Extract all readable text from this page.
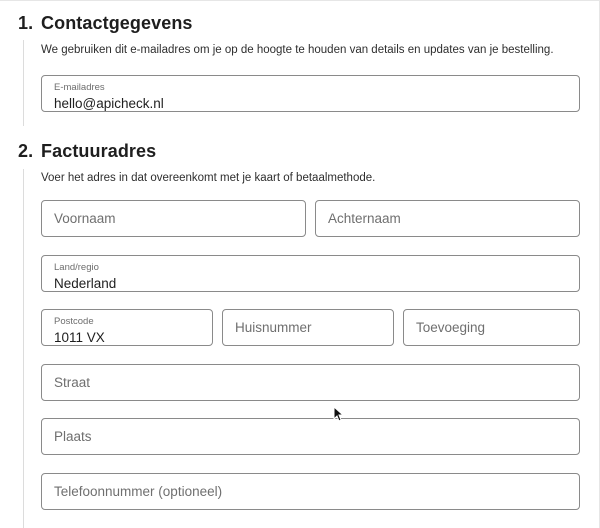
1. Contactgegevens
We gebruiken dit e-mailadres om je op de hoogte te houden van details en updates van je bestelling.
E-mailadres
hello@apicheck.nl
2. Factuuradres
Voer het adres in dat overeenkomt met je kaart of betaalmethode.
Voornaam	Achternaam
Land/regio
Nederland
Postcode
1011 VX
Huisnummer	Toevoeging
Straat
Plaats
Telefoonnummer (optioneel)
